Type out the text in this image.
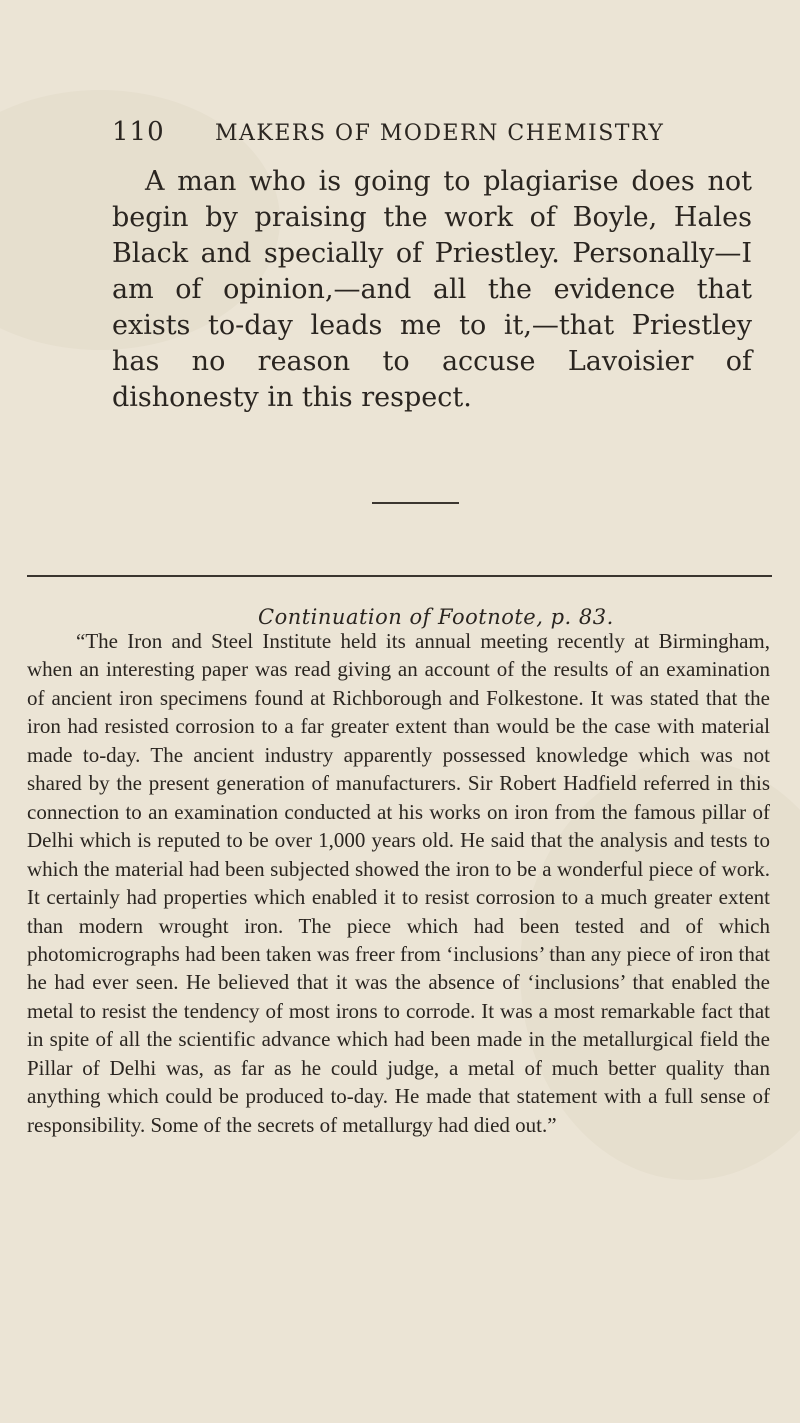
110 MAKERS OF MODERN CHEMISTRY

A man who is going to plagiarise does not begin by praising the work of Boyle, Hales Black and specially of Priestley. Personally—I am of opinion,—and all the evidence that exists to-day leads me to it,—that Priestley has no reason to accuse Lavoisier of dishonesty in this respect.

Continuation of Footnote, p. 83.

“The Iron and Steel Institute held its annual meeting recently at Birmingham, when an interesting paper was read giving an account of the results of an examination of ancient iron specimens found at Richborough and Folkestone. It was stated that the iron had resisted corrosion to a far greater extent than would be the case with material made to-day. The ancient industry apparently possessed knowledge which was not shared by the present generation of manufacturers. Sir Robert Hadfield referred in this connection to an examination conducted at his works on iron from the famous pillar of Delhi which is reputed to be over 1,000 years old. He said that the analysis and tests to which the material had been subjected showed the iron to be a wonderful piece of work. It certainly had properties which enabled it to resist corrosion to a much greater extent than modern wrought iron. The piece which had been tested and of which photomicrographs had been taken was freer from ‘inclusions’ than any piece of iron that he had ever seen. He believed that it was the absence of ‘inclusions’ that enabled the metal to resist the tendency of most irons to corrode. It was a most remarkable fact that in spite of all the scientific advance which had been made in the metallurgical field the Pillar of Delhi was, as far as he could judge, a metal of much better quality than anything which could be produced to-day. He made that statement with a full sense of responsibility. Some of the secrets of metallurgy had died out.”
